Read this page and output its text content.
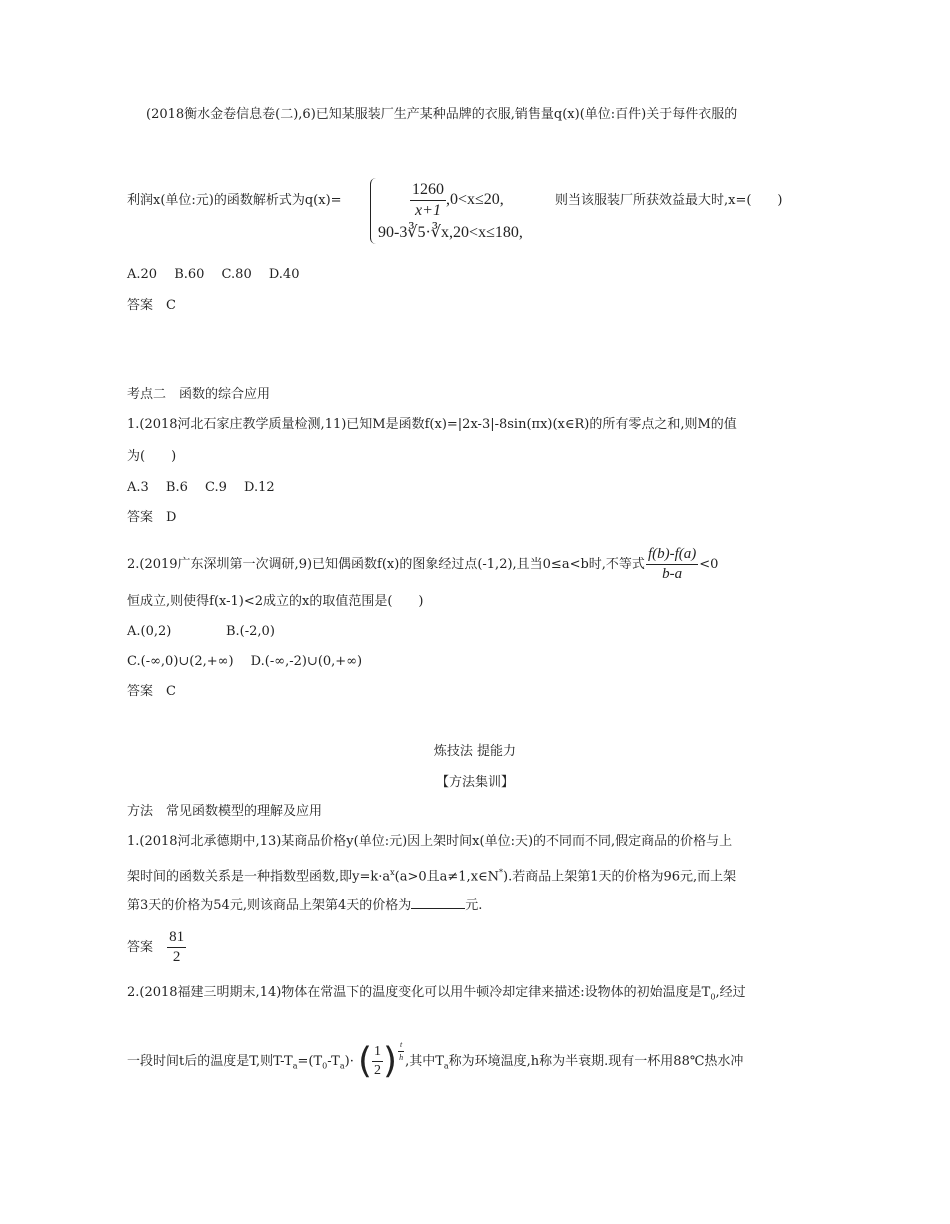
(2018衡水金卷信息卷(二),6)已知某服装厂生产某种品牌的衣服,销售量q(x)(单位:百件)关于每件衣服的
利润x(单位:元)的函数解析式为q(x)=	$\frac{1260}{x+1} ,0<x\le 20$,
90-3∛5·∛x,20<x≤180,
则当该服装厂所获效益最大时,x=(　　)
A.20　 B.60　 C.80　 D.40
答案　C
考点二　函数的综合应用
1.(2018河北石家庄教学质量检测,11)已知M是函数f(x)=|2x-3|-8sin(πx)(x∈R)的所有零点之和,则M的值
为(　　)
A.3　 B.6　 C.9　 D.12
答案　D
2.(2019广东深圳第一次调研,9)已知偶函数f(x)的图象经过点(-1,2),且当0≤a<b时,不等式 $\frac{f(b)-f(a)}{b-a} <0$
恒成立,则使得f(x-1)<2成立的x的取值范围是(　　)
A.(0,2)	B.(-2,0)
C.(-∞,0)∪(2,+∞)　 D.(-∞,-2)∪(0,+∞)
答案　C
炼技法 提能力
【方法集训】
方法　常见函数模型的理解及应用
1.(2018河北承德期中,13)某商品价格y(单位:元)因上架时间x(单位:天)的不同而不同,假定商品的价格与上
架时间的函数关系是一种指数型函数,即$y=k\cdot a^x(a>0$且a≠1,x∈N*).若商品上架第1天的价格为96元,而上架
第3天的价格为54元,则该商品上架第4天的价格为	元.
答案 $\frac{81}{2}$
2.(2018福建三明期末,14)物体在常温下的温度变化可以用牛顿冷却定律来描述:设物体的初始温度是$T_0$,经过
一段时间t后的温度是T,则$T-T_a=(T_0-T_a)\cdot$ ( $\frac{1}{2}$ ) $\frac{t}{h}$ ,其中$T_a$称为环境温度,h称为半衰期.现有一杯用88℃热水冲
